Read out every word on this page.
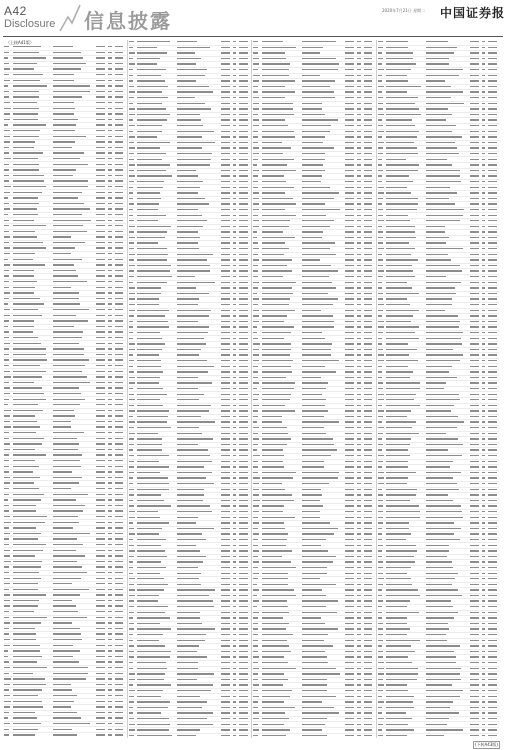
A42
Disclosure 信息披露	2020年7月21日 星期二 中国证券报
（上接A41版）
(下转A43版)
